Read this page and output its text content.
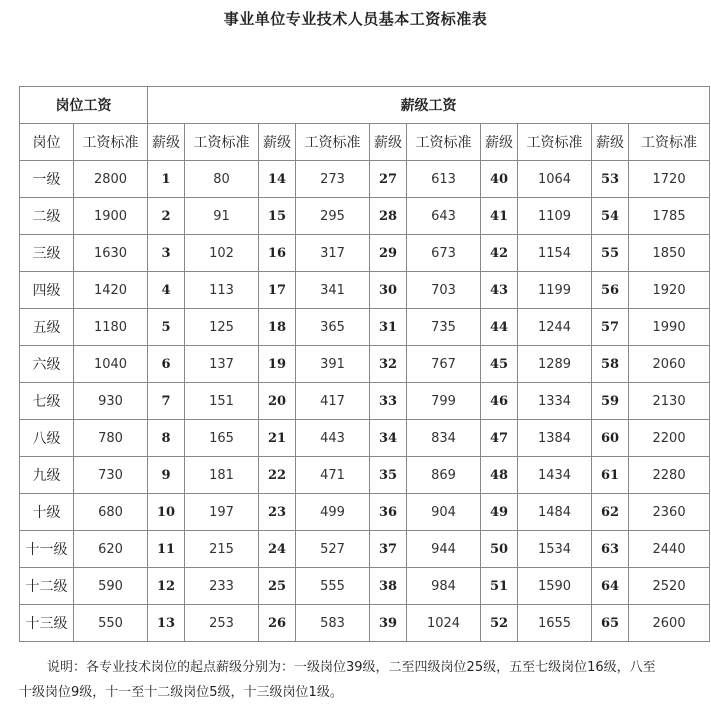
事业单位专业技术人员基本工资标准表
岗位工资		薪级工资									
岗位	工资标准	薪级	工资标准	薪级	工资标准	薪级	工资标准	薪级	工资标准	薪级	工资标准
一级	2800	1	80	14	273	27	613	40	1064	53	1720
二级	1900	2	91	15	295	28	643	41	1109	54	1785
三级	1630	3	102	16	317	29	673	42	1154	55	1850
四级	1420	4	113	17	341	30	703	43	1199	56	1920
五级	1180	5	125	18	365	31	735	44	1244	57	1990
六级	1040	6	137	19	391	32	767	45	1289	58	2060
七级	930	7	151	20	417	33	799	46	1334	59	2130
八级	780	8	165	21	443	34	834	47	1384	60	2200
九级	730	9	181	22	471	35	869	48	1434	61	2280
十级	680	10	197	23	499	36	904	49	1484	62	2360
十一级	620	11	215	24	527	37	944	50	1534	63	2440
十二级	590	12	233	25	555	38	984	51	1590	64	2520
十三级	550	13	253	26	583	39	1024	52	1655	65	2600
说明：各专业技术岗位的起点薪级分别为：一级岗位39级，二至四级岗位25级，五至七级岗位16级，八至
十级岗位9级，十一至十二级岗位5级，十三级岗位1级。
